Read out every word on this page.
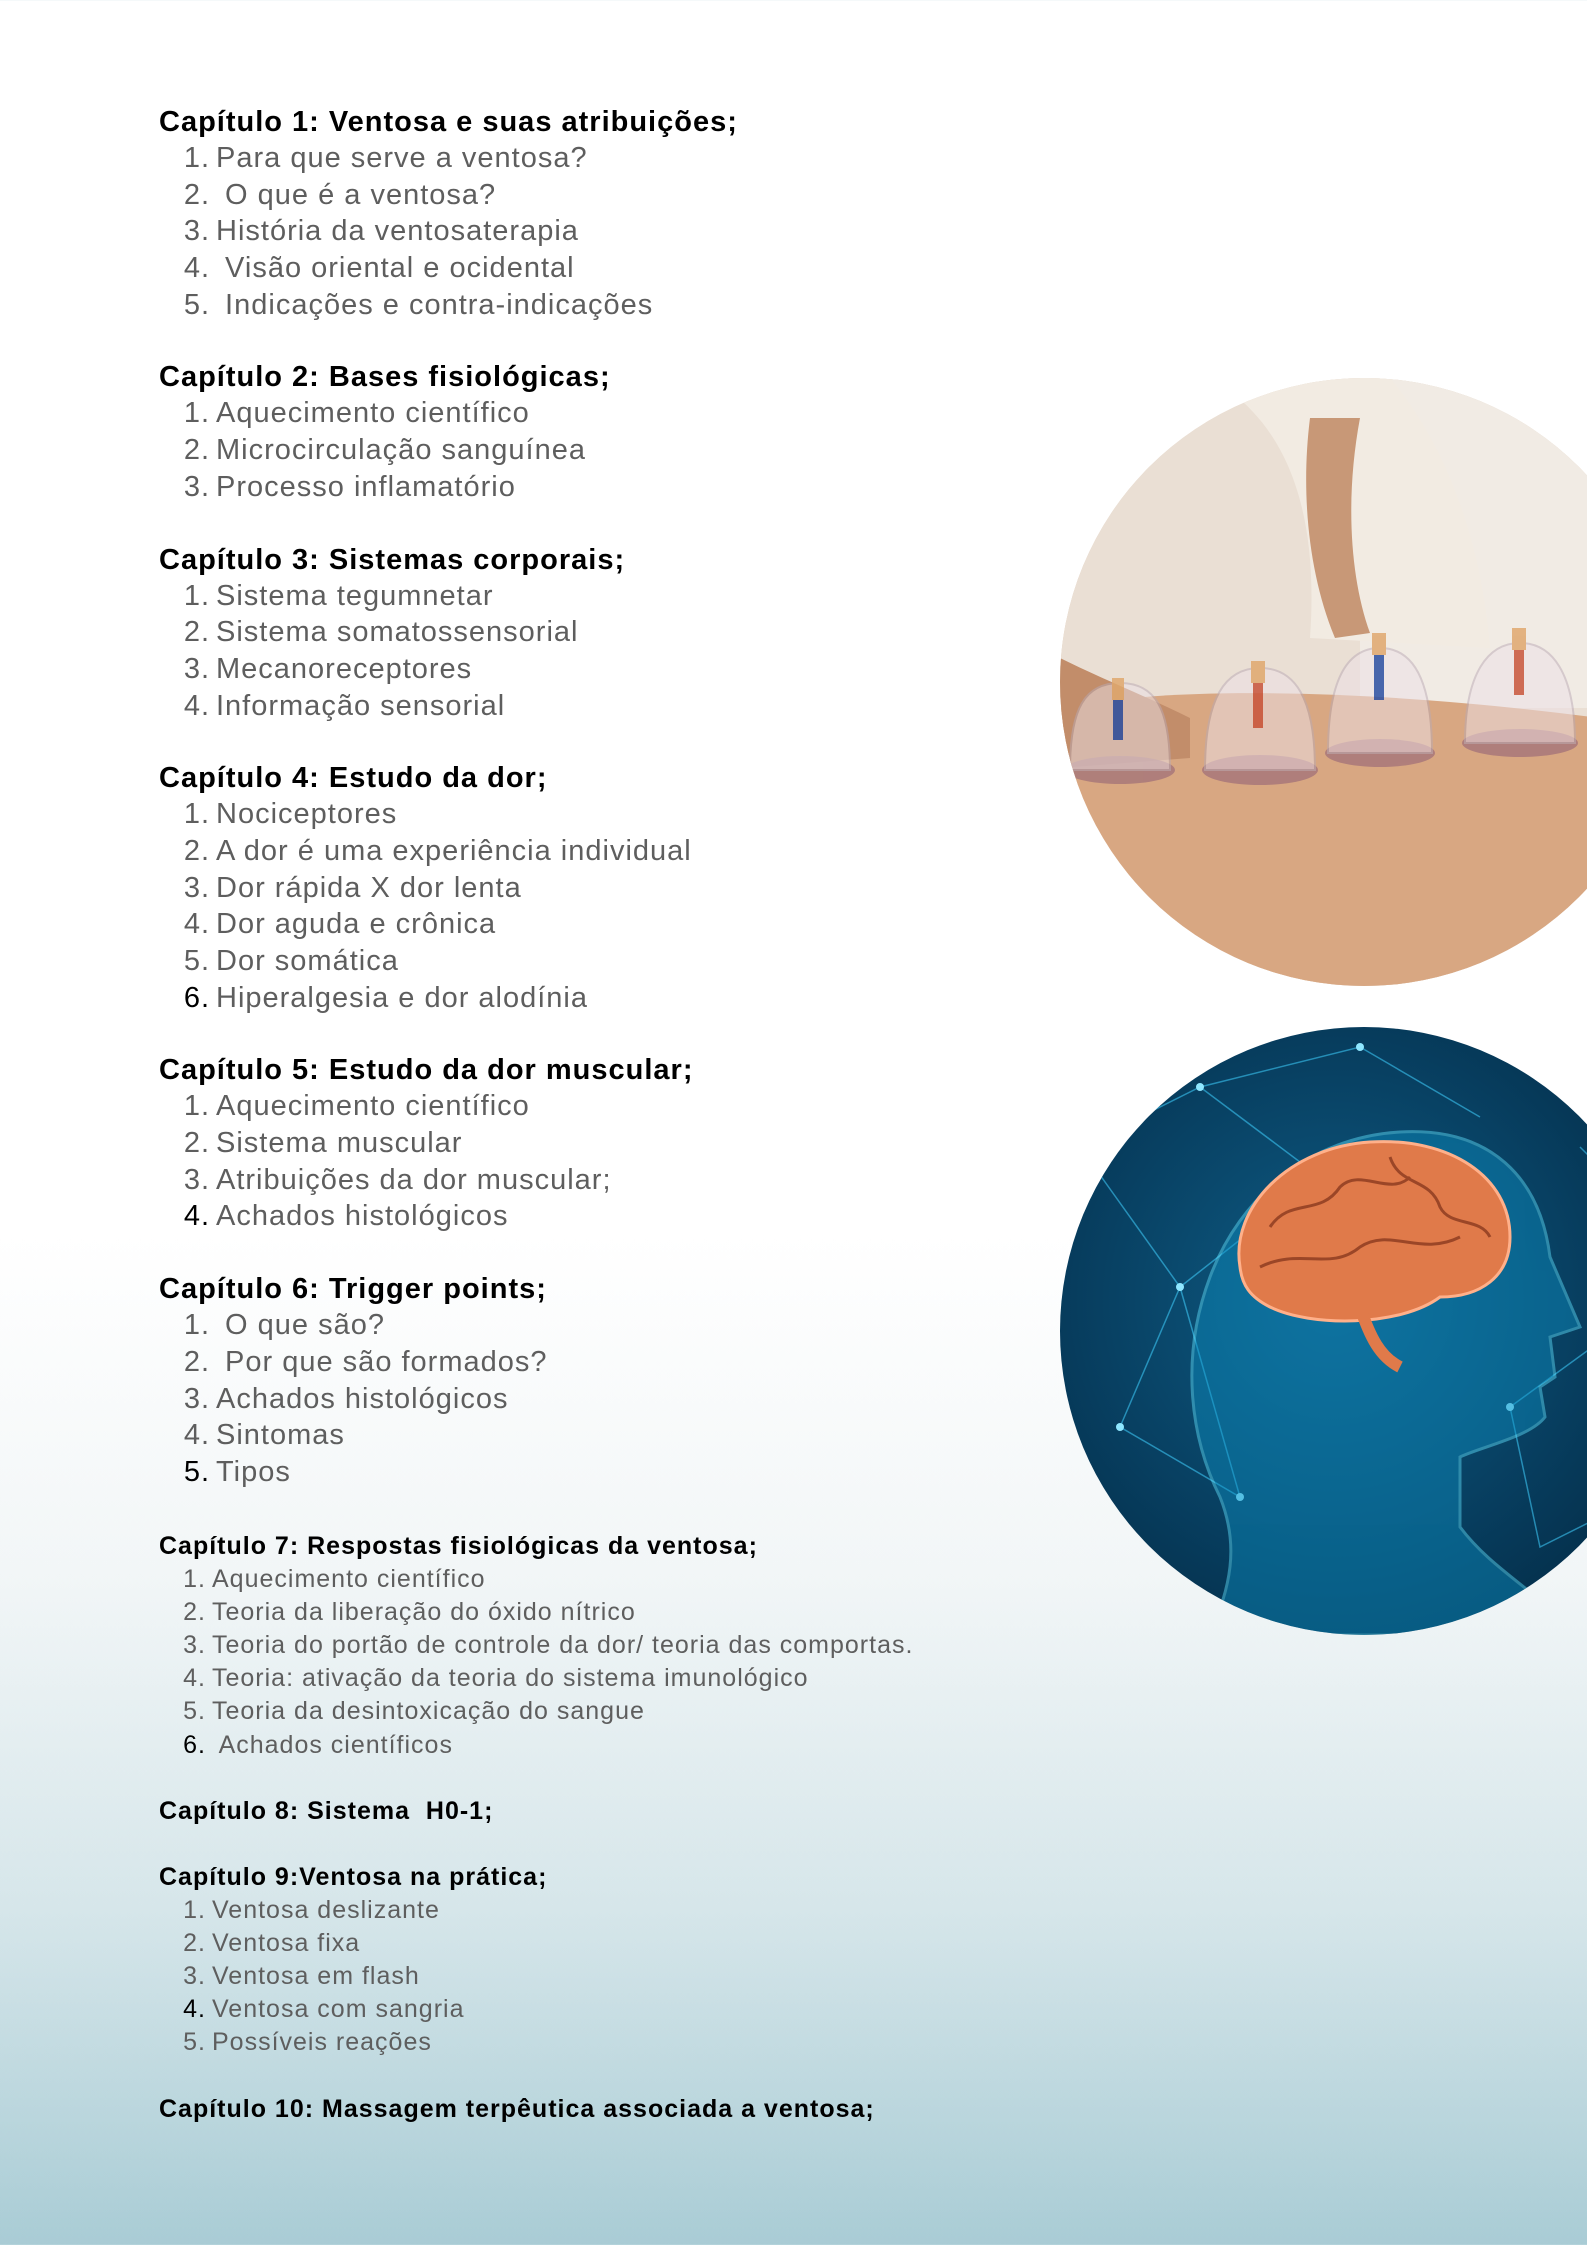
Capítulo 1: Ventosa e suas atribuições;
1. Para que serve a ventosa?
2. O que é a ventosa?
3. História da ventosaterapia
4. Visão oriental e ocidental
5. Indicações e contra-indicações
Capítulo 2: Bases fisiológicas;
1. Aquecimento científico
2. Microcirculação sanguínea
3. Processo inflamatório
Capítulo 3: Sistemas corporais;
1. Sistema tegumnetar
2. Sistema somatossensorial
3. Mecanoreceptores
4. Informação sensorial
Capítulo 4: Estudo da dor;
1. Nociceptores
2. A dor é uma experiência individual
3. Dor rápida X dor lenta
4. Dor aguda e crônica
5. Dor somática
6. Hiperalgesia e dor alodínia
Capítulo 5: Estudo da dor muscular;
1. Aquecimento científico
2. Sistema muscular
3. Atribuições da dor muscular;
4. Achados histológicos
Capítulo 6: Trigger points;
1. O que são?
2. Por que são formados?
3. Achados histológicos
4. Sintomas
5. Tipos
Capítulo 7: Respostas fisiológicas da ventosa;
1. Aquecimento científico
2. Teoria da liberação do óxido nítrico
3. Teoria do portão de controle da dor/ teoria das comportas.
4. Teoria: ativação da teoria do sistema imunológico
5. Teoria da desintoxicação do sangue
6. Achados científicos
Capítulo 8: Sistema  H0-1;
Capítulo 9:Ventosa na prática;
1. Ventosa deslizante
2. Ventosa fixa
3. Ventosa em flash
4. Ventosa com sangria
5. Possíveis reações
Capítulo 10: Massagem terpêutica associada a ventosa;
